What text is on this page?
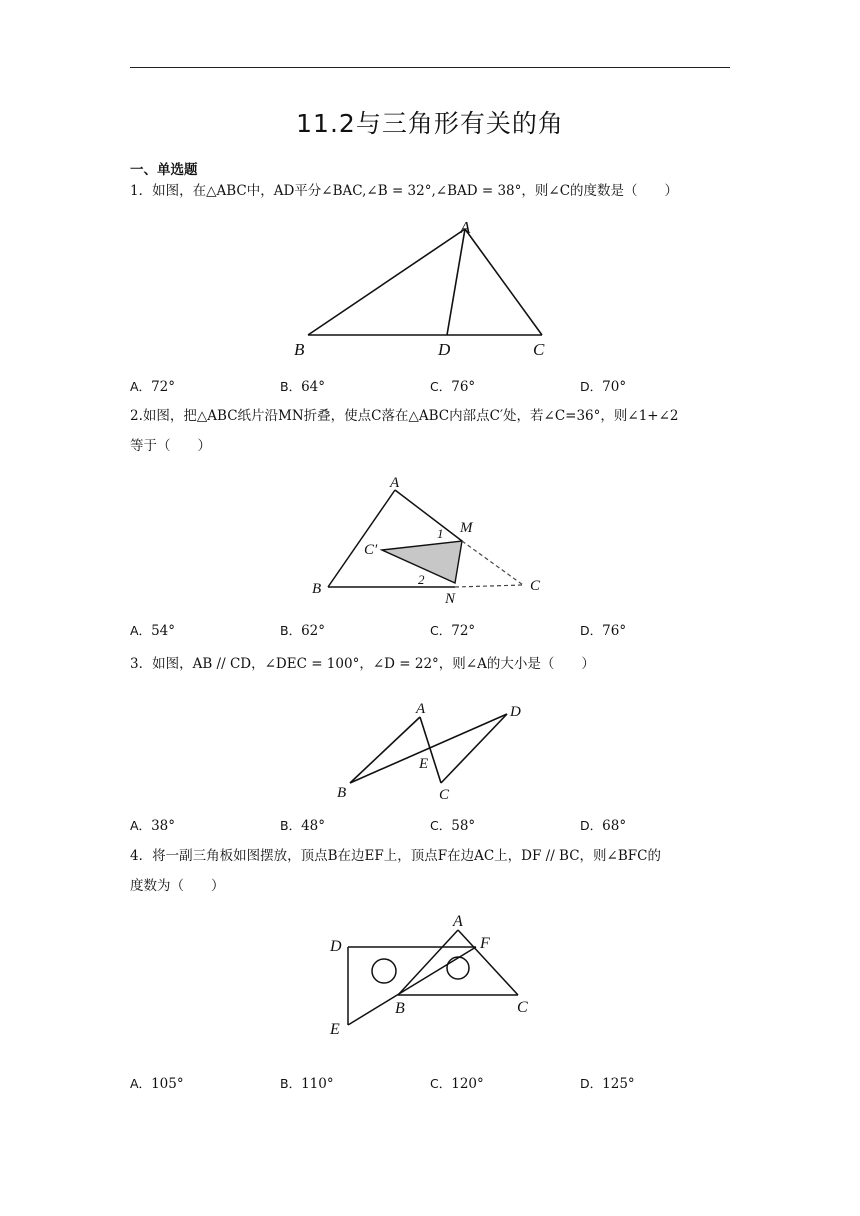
11.2与三角形有关的角
一、单选题
1．如图，在△ABC中，AD平分∠BAC,∠B = 32°,∠BAD = 38°，则∠C的度数是（　　）
A
B	D	C
A．72°	B．64°	C．76°	D．70°
2.如图，把△ABC纸片沿MN折叠，使点C落在△ABC内部点C′处，若∠C=36°，则∠1+∠2
等于（　　）
A
M
1
C′
2
B
N
C
A．54°	B．62°	C．72°	D．76°
3．如图，AB // CD，∠DEC = 100°，∠D = 22°，则∠A的大小是（　　）
A	D
E
B	C
A．38°	B．48°	C．58°	D．68°
4．将一副三角板如图摆放，顶点B在边EF上，顶点F在边AC上，DF // BC，则∠BFC的
度数为（　　）
A
D	F
B	C
E
A．105°	B．110°	C．120°	D．125°
